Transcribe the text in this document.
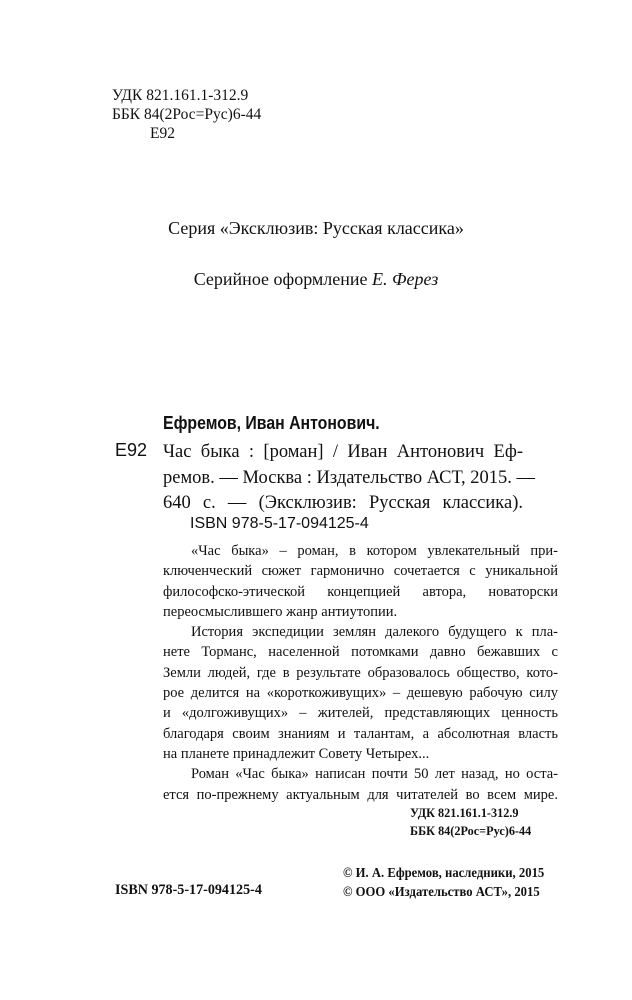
УДК 821.161.1-312.9
ББК 84(2Рос=Рус)6-44
Е92
Серия «Эксклюзив: Русская классика»
Серийное оформление Е. Ферез
Ефремов, Иван Антонович.
Е92 Час быка : [роман] / Иван Антонович Еф-
ремов. — Москва : Издательство АСТ, 2015. —
640 с. — (Эксклюзив: Русская классика).
ISBN 978-5-17-094125-4
«Час быка» – роман, в котором увлекательный при-
ключенческий сюжет гармонично сочетается с уникальной
философско-этической концепцией автора, новаторски
переосмыслившего жанр антиутопии.
История экспедиции землян далекого будущего к пла-
нете Торманс, населенной потомками давно бежавших с
Земли людей, где в результате образовалось общество, кото-
рое делится на «короткоживущих» – дешевую рабочую силу
и «долгоживущих» – жителей, представляющих ценность
благодаря своим знаниям и талантам, а абсолютная власть
на планете принадлежит Совету Четырех...
Роман «Час быка» написан почти 50 лет назад, но оста-
ется по-прежнему актуальным для читателей во всем мире.
УДК 821.161.1-312.9
ББК 84(2Рос=Рус)6-44
ISBN 978-5-17-094125-4
© И. А. Ефремов, наследники, 2015
© ООО «Издательство АСТ», 2015
